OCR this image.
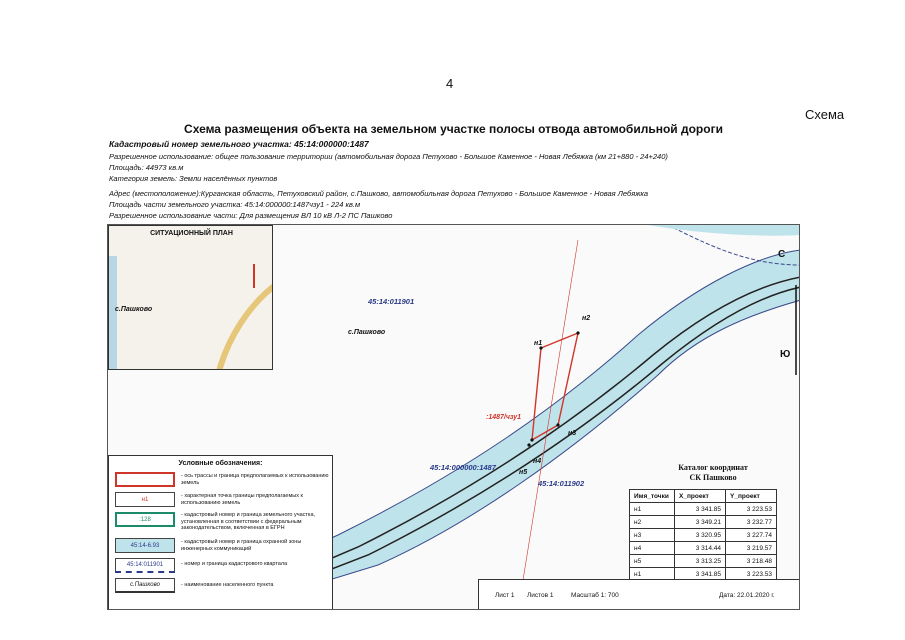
4
Схема
Схема размещения объекта на земельном участке полосы отвода автомобильной дороги
Кадастровый номер земельного участка: 45:14:000000:1487
Разрешенное использование: общее пользование территории (автомобильная дорога Петухово - Большое Каменное - Новая Лебяжка (км 21+880 - 24+240)
Площадь: 44973 кв.м
Категория земель: Земли населённых пунктов
Адрес (местоположение):Курганская область, Петуховский район, с.Пашково, автомобильная дорога Петухово - Большое Каменное - Новая Лебяжка
Площадь части земельного участка: 45:14:000000:1487чзу1 - 224 кв.м
Разрешенное использование части: Для размещения ВЛ 10 кВ Л-2 ПС Пашково
СИТУАЦИОННЫЙ ПЛАН
с.Пашково
45:14:011901
с.Пашково
45:14:000000:1487
45:14:011902
:1487/чзу1
н1
н2
н3
н4
н5
С
Ю
Условные обозначения:
- ось трассы и граница предполагаемых к использованию земель
н1
- характерная точка границы предполагаемых к использованию земель
:128
- кадастровый номер и граница земельного участка, установленная в соответствии с федеральным законодательством, включенная в ЕГРН
45:14-6.93
- кадастровый номер и граница охранной зоны инженерных коммуникаций
45:14:011901	- номер и граница кадастрового квартала
с.Пашково	- наименование населенного пункта
Каталог координат
СК Пашково
Имя_точки	X_проект	Y_проект
н1	3 341.85	3 223.53
н2	3 349.21	3 232.77
н3	3 320.95	3 227.74
н4	3 314.44	3 219.57
н5	3 313.25	3 218.48
н1	3 341.85	3 223.53
Лист 1 Листов 1	Масштаб 1: 700	Дата: 22.01.2020 г.
